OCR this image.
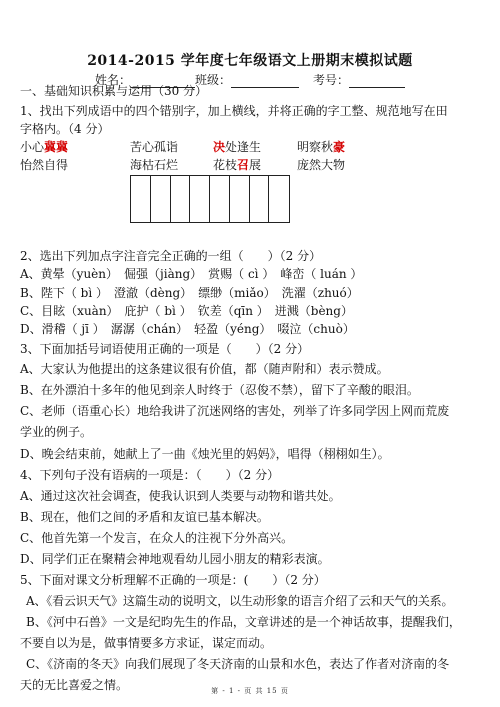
2014-2015 学年度七年级语文上册期末模拟试题
姓名：	班级：	考号：
一、基础知识积累与运用（30 分）
1、找出下列成语中的四个错别字，加上横线，并将正确的字工整、规范地写在田
字格内。（4 分）
小心冀冀	苦心孤诣	决处逢生	明察秋豪
怡然自得	海枯石烂	花枝召展	庞然大物
2、选出下列加点字注音完全正确的一组（　　）（2 分）
A、黄晕（yuèn）　倔强（jiàng）　赏赐（ cì ）　峰峦（ luán ）
B、陛下（ bì ）　澄澈（dèng）　缥缈（miǎo）　洗濯（zhuó）
C、目眩（xuàn）　庇护（ bì ）　钦差（qīn ）　迸溅（bèng）
D、滑稽（ jī ）　潺潺（chán）　轻盈（yéng）　啜泣（chuò）
3、下面加括号词语使用正确的一项是（　　）（2 分）
A、大家认为他提出的这条建议很有价值，都（随声附和）表示赞成。
B、在外漂泊十多年的他见到亲人时终于（忍俊不禁），留下了辛酸的眼泪。
C、老师（语重心长）地给我讲了沉迷网络的害处，列举了许多同学因上网而荒废
学业的例子。
D、晚会结束前，她献上了一曲《烛光里的妈妈》，唱得（栩栩如生）。
4、下列句子没有语病的一项是：（　　）（2 分）
A、通过这次社会调查，使我认识到人类要与动物和谐共处。
B、现在，他们之间的矛盾和友谊已基本解决。
C、他首先第一个发言，在众人的注视下分外高兴。
D、同学们正在聚精会神地观看幼儿园小朋友的精彩表演。
5、下面对课文分析理解不正确的一项是：(　　）（2 分）
A、《看云识天气》这篇生动的说明文，以生动形象的语言介绍了云和天气的关系。
B、《河中石兽》一文是纪昀先生的作品，文章讲述的是一个神话故事，提醒我们，
不要自以为是，做事情要多方求证，谋定而动。
C、《济南的冬天》向我们展现了冬天济南的山景和水色，表达了作者对济南的冬
天的无比喜爱之情。	第 - 1 - 页 共 15 页
